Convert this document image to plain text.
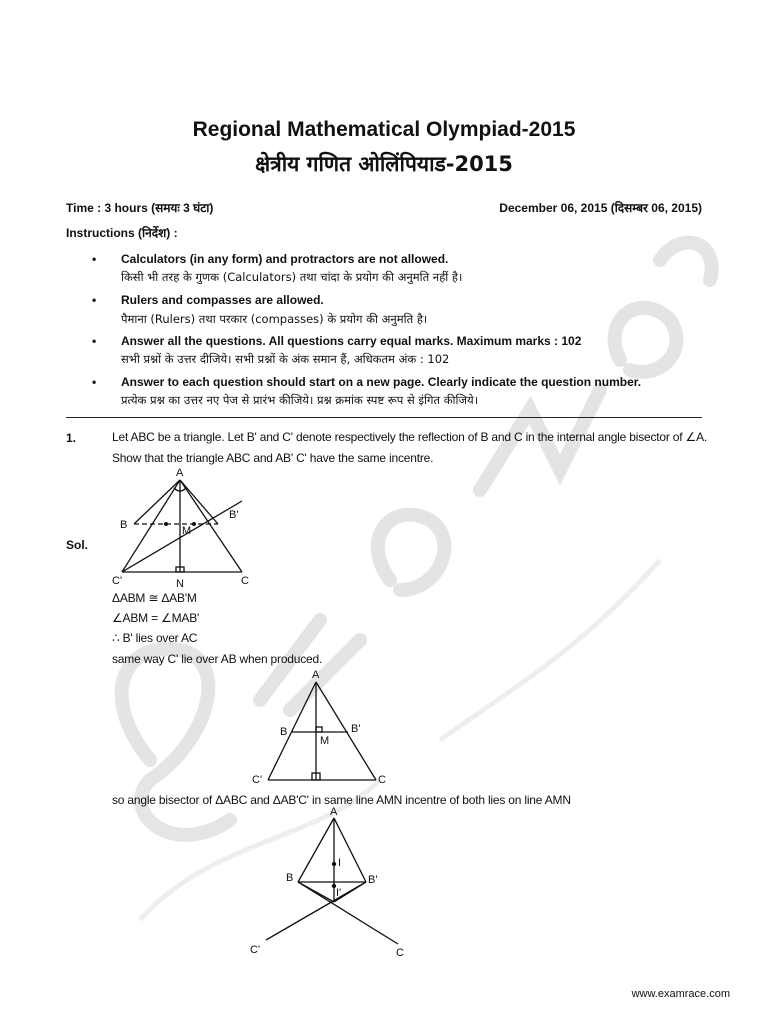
Regional Mathematical Olympiad-2015
क्षेत्रीय गणित ओलिंपियाड-2015
Time : 3 hours (समयः 3 घंटा)	December 06, 2015 (दिसम्बर 06, 2015)
Instructions (निर्देश) :
• Calculators (in any form) and protractors are not allowed.
किसी भी तरह के गुणक (Calculators) तथा चांदा के प्रयोग की अनुमति नहीं है।
• Rulers and compasses are allowed.
पैमाना (Rulers) तथा परकार (compasses) के प्रयोग की अनुमति है।
• Answer all the questions. All questions carry equal marks. Maximum marks : 102
सभी प्रश्नों के उत्तर दीजिये। सभी प्रश्नों के अंक समान हैं, अधिकतम अंक : 102
• Answer to each question should start on a new page. Clearly indicate the question number.
प्रत्येक प्रश्न का उत्तर नए पेज से प्रारंभ कीजिये। प्रश्न क्रमांक स्पष्ट रूप से इंगित कीजिये।
1.	Let ABC be a triangle. Let B' and C' denote respectively the reflection of B and C in the internal angle bisector of ∠A. Show that the triangle ABC and AB' C' have the same incentre.
Sol.
A
B
B'
M
C'	N	C
ΔABM ≅ ΔAB'M
∠ABM = ∠MAB'
∴ B' lies over AC
same way C' lie over AB when produced.
A
B	B'
M
C'	C
so angle bisector of ΔABC and ΔAB'C' in same line AMN incentre of both lies on line AMN
A
I
B	B'
I'
C'	C
www.examrace.com
